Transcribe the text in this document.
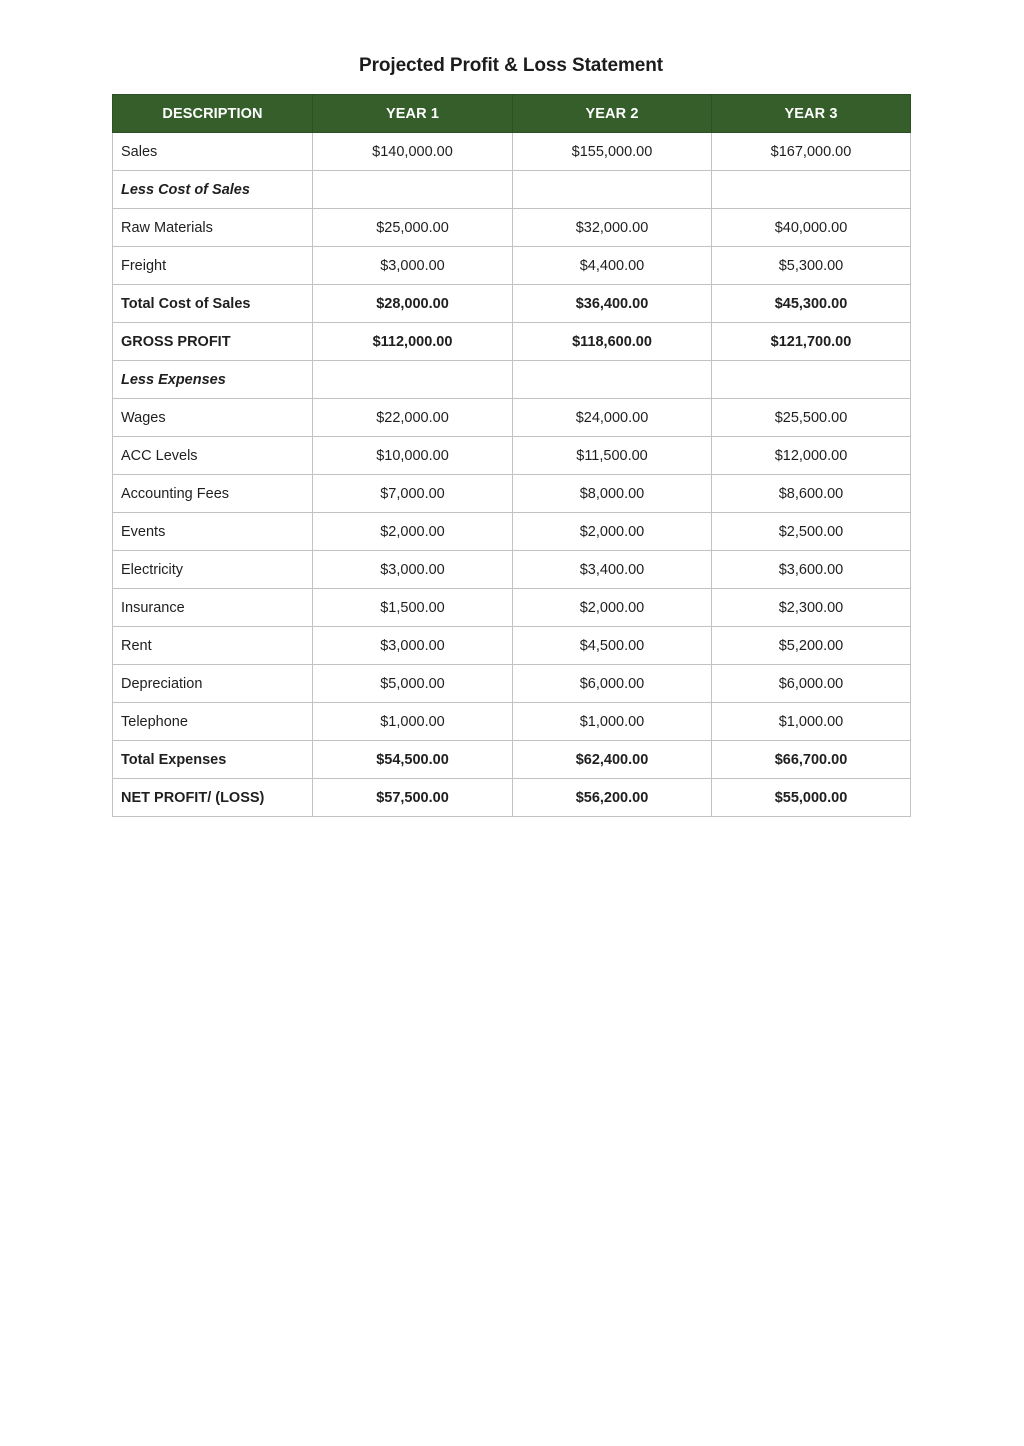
Projected Profit & Loss Statement
DESCRIPTION	YEAR 1	YEAR 2	YEAR 3
Sales	$140,000.00	$155,000.00	$167,000.00
Less Cost of Sales			
Raw Materials	$25,000.00	$32,000.00	$40,000.00
Freight	$3,000.00	$4,400.00	$5,300.00
Total Cost of Sales	$28,000.00	$36,400.00	$45,300.00
GROSS PROFIT	$112,000.00	$118,600.00	$121,700.00
Less Expenses			
Wages	$22,000.00	$24,000.00	$25,500.00
ACC Levels	$10,000.00	$11,500.00	$12,000.00
Accounting Fees	$7,000.00	$8,000.00	$8,600.00
Events	$2,000.00	$2,000.00	$2,500.00
Electricity	$3,000.00	$3,400.00	$3,600.00
Insurance	$1,500.00	$2,000.00	$2,300.00
Rent	$3,000.00	$4,500.00	$5,200.00
Depreciation	$5,000.00	$6,000.00	$6,000.00
Telephone	$1,000.00	$1,000.00	$1,000.00
Total Expenses	$54,500.00	$62,400.00	$66,700.00
NET PROFIT/ (LOSS)	$57,500.00	$56,200.00	$55,000.00
